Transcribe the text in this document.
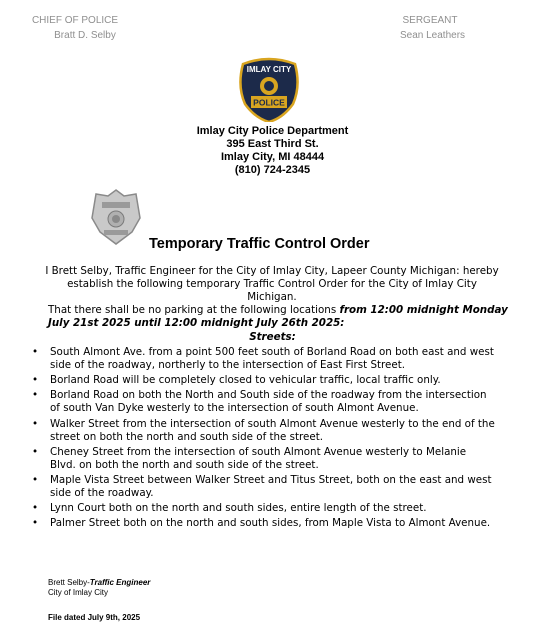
CHIEF OF POLICE
Bratt D. Selby
SERGEANT
Sean Leathers
IMLAY CITY
POLICE
Imlay City Police Department
395 East Third St.
Imlay City, MI 48444
(810) 724-2345
Temporary Traffic Control Order
I Brett Selby, Traffic Engineer for the City of Imlay City, Lapeer County Michigan: hereby establish the following temporary Traffic Control Order for the City of Imlay City Michigan.
That there shall be no parking at the following locations from 12:00 midnight Monday July 21st 2025 until 12:00 midnight July 26th 2025:
Streets:
• South Almont Ave. from a point 500 feet south of Borland Road on both east and west side of the roadway, northerly to the intersection of East First Street.
• Borland Road will be completely closed to vehicular traffic, local traffic only.
• Borland Road on both the North and South side of the roadway from the intersection of south Van Dyke westerly to the intersection of south Almont Avenue.
• Walker Street from the intersection of south Almont Avenue westerly to the end of the street on both the north and south side of the street.
• Cheney Street from the intersection of south Almont Avenue westerly to Melanie Blvd. on both the north and south side of the street.
• Maple Vista Street between Walker Street and Titus Street, both on the east and west side of the roadway.
• Lynn Court both on the north and south sides, entire length of the street.
• Palmer Street both on the north and south sides, from Maple Vista to Almont Avenue.
Brett Selby-Traffic Engineer
City of Imlay City
File dated July 9th, 2025
